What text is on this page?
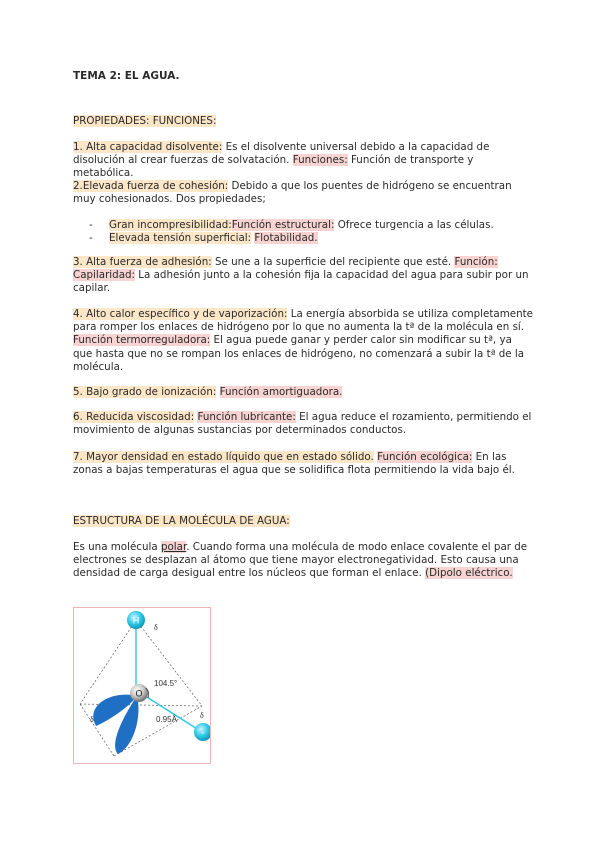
TEMA 2: EL AGUA.

PROPIEDADES: FUNCIONES:

1. Alta capacidad disolvente: Es el disolvente universal debido a la capacidad de disolución al crear fuerzas de solvatación. Funciones: Función de transporte y metabólica.

2.Elevada fuerza de cohesión: Debido a que los puentes de hidrógeno se encuentran muy cohesionados. Dos propiedades;

- Gran incompresibilidad:Función estructural: Ofrece turgencia a las células.
- Elevada tensión superficial: Flotabilidad.

3. Alta fuerza de adhesión: Se une a la superficie del recipiente que esté. Función: Capilaridad: La adhesión junto a la cohesión fija la capacidad del agua para subir por un capilar.

4. Alto calor específico y de vaporización: La energía absorbida se utiliza completamente para romper los enlaces de hidrógeno por lo que no aumenta la tª de la molécula en sí. Función termorreguladora: El agua puede ganar y perder calor sin modificar su tª, ya que hasta que no se rompan los enlaces de hidrógeno, no comenzará a subir la tª de la molécula.

5. Bajo grado de ionización: Función amortiguadora.

6. Reducida viscosidad: Función lubricante: El agua reduce el rozamiento, permitiendo el movimiento de algunas sustancias por determinados conductos.

7. Mayor densidad en estado líquido que en estado sólido. Función ecológica: En las zonas a bajas temperaturas el agua que se solidifica flota permitiendo la vida bajo él.

ESTRUCTURA DE LA MOLÉCULA DE AGUA:

Es una molécula polar. Cuando forma una molécula de modo enlace covalente el par de electrones se desplazan al átomo que tiene mayor electronegatividad. Esto causa una densidad de carga desigual entre los núcleos que forman el enlace. (Dipolo eléctrico.

H
O
-
δ
104.5°
0.95Å	δ
δ
